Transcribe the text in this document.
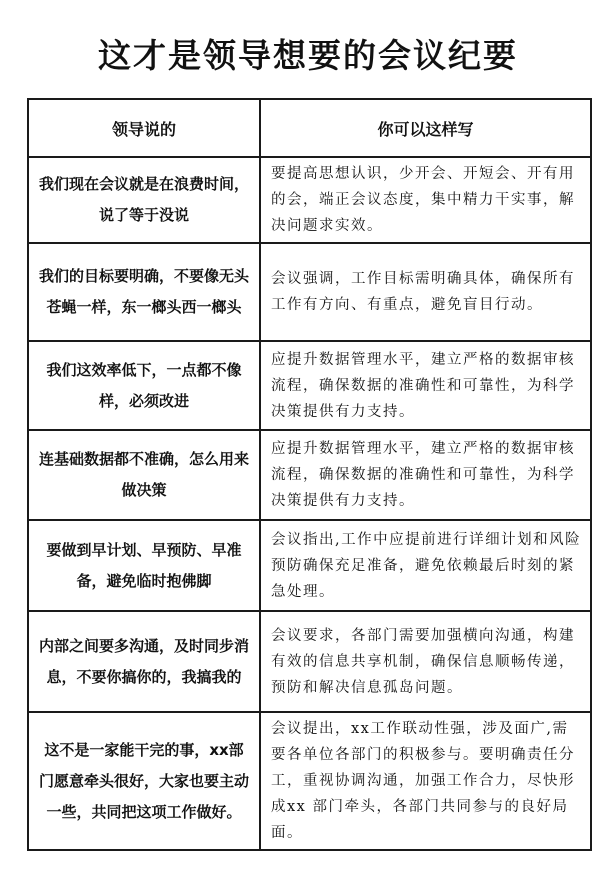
这才是领导想要的会议纪要
领导说的	你可以这样写
我们现在会议就是在浪费时间，说了等于没说	要提高思想认识，少开会、开短会、开有用的会，端正会议态度，集中精力干实事，解决问题求实效。
我们的目标要明确，不要像无头苍蝇一样，东一榔头西一榔头	会议强调，工作目标需明确具体，确保所有工作有方向、有重点，避免盲目行动。
我们这效率低下，一点都不像样，必须改进	应提升数据管理水平，建立严格的数据审核流程，确保数据的准确性和可靠性，为科学决策提供有力支持。
连基础数据都不准确，怎么用来做决策	应提升数据管理水平，建立严格的数据审核流程，确保数据的准确性和可靠性，为科学决策提供有力支持。
要做到早计划、早预防、早准备，避免临时抱佛脚	会议指出,工作中应提前进行详细计划和风险预防确保充足准备，避免依赖最后时刻的紧急处理。
内部之间要多沟通，及时同步消息，不要你搞你的，我搞我的	会议要求，各部门需要加强横向沟通，构建有效的信息共享机制，确保信息顺畅传递，预防和解决信息孤岛问题。
这不是一家能干完的事，xx部门愿意牵头很好，大家也要主动一些，共同把这项工作做好。	会议提出，xx工作联动性强，涉及面广,需要各单位各部门的积极参与。要明确责任分工，重视协调沟通，加强工作合力，尽快形成xx 部门牵头，各部门共同参与的良好局面。
